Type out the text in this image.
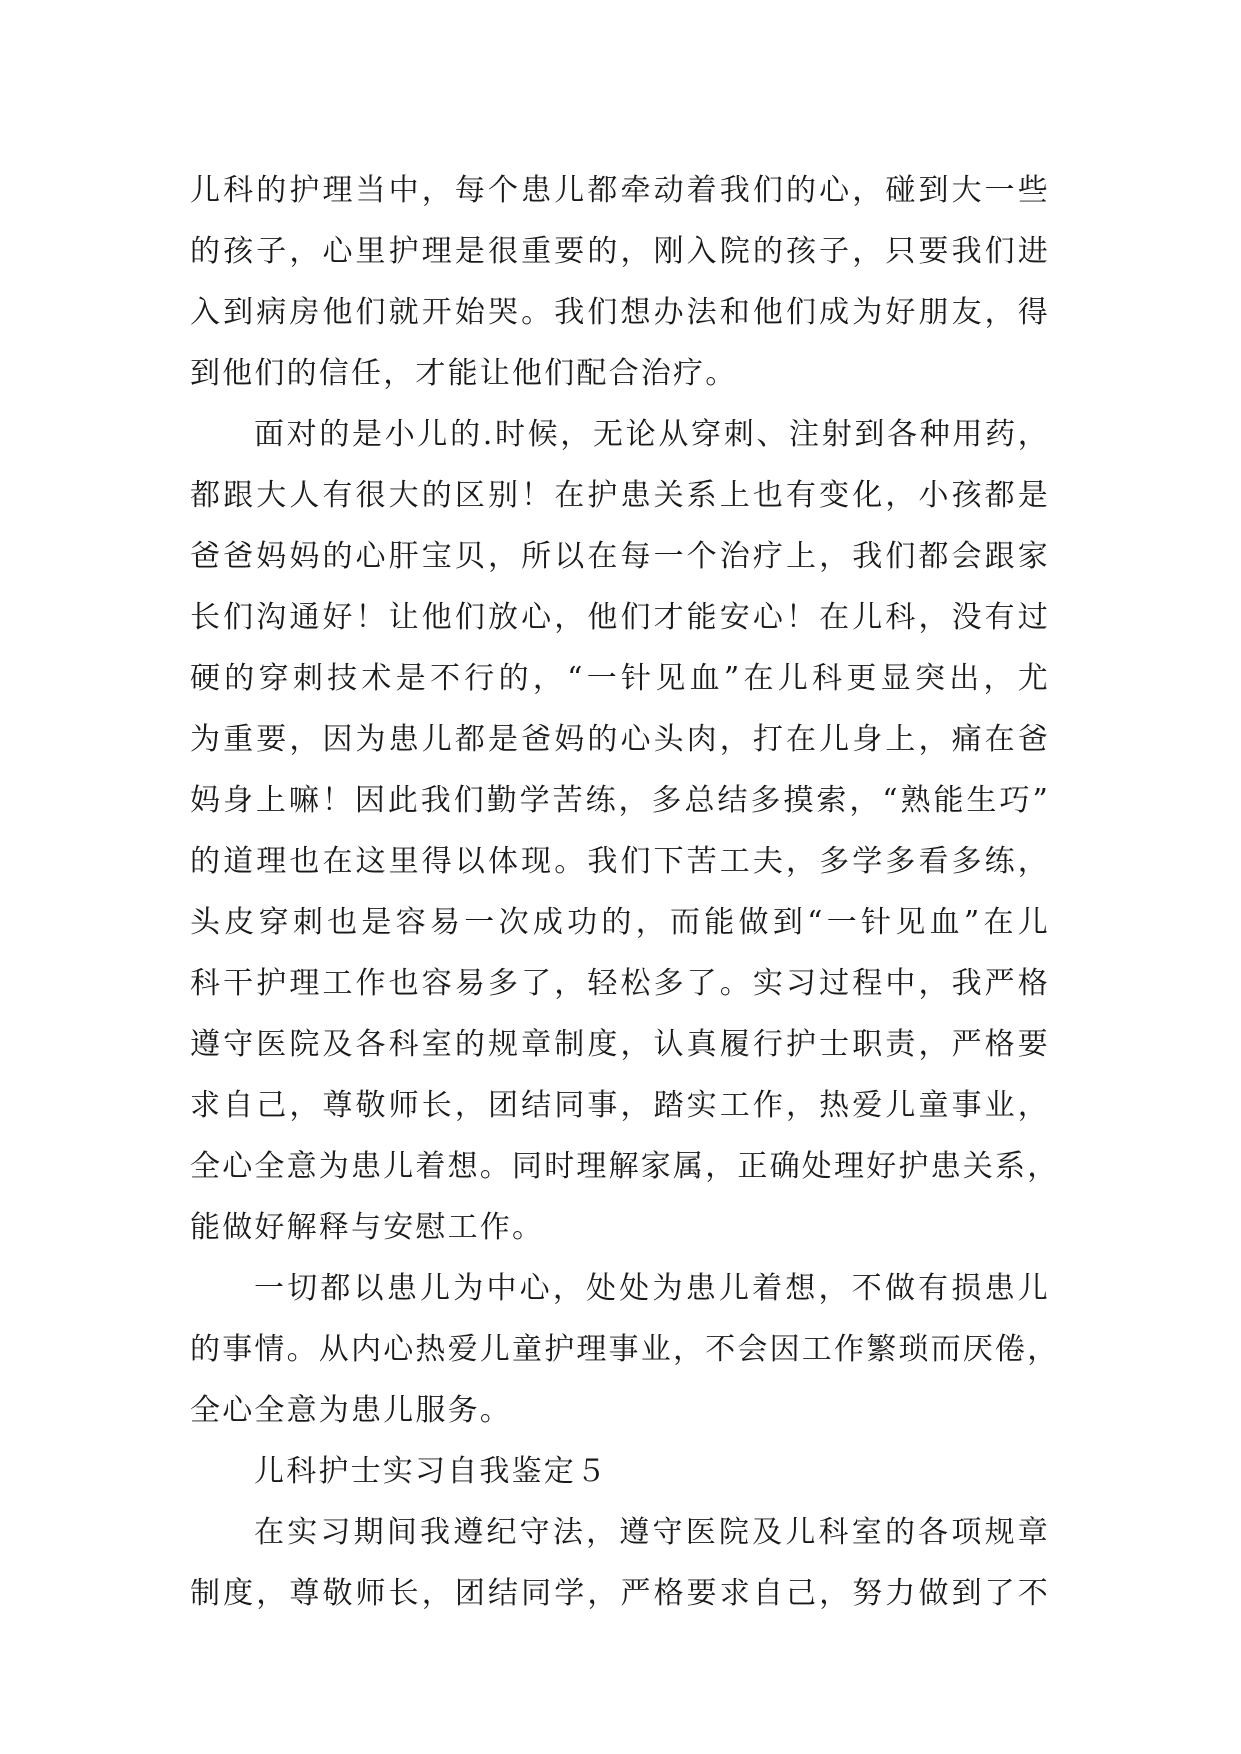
儿科的护理当中，每个患儿都牵动着我们的心，碰到大一些
的孩子，心里护理是很重要的，刚入院的孩子，只要我们进
入到病房他们就开始哭。我们想办法和他们成为好朋友，得
到他们的信任，才能让他们配合治疗。
面对的是小儿的.时候，无论从穿刺、注射到各种用药，
都跟大人有很大的区别！在护患关系上也有变化，小孩都是
爸爸妈妈的心肝宝贝，所以在每一个治疗上，我们都会跟家
长们沟通好！让他们放心，他们才能安心！在儿科，没有过
硬的穿刺技术是不行的，“一针见血”在儿科更显突出，尤
为重要，因为患儿都是爸妈的心头肉，打在儿身上，痛在爸
妈身上嘛！因此我们勤学苦练，多总结多摸索，“熟能生巧”
的道理也在这里得以体现。我们下苦工夫，多学多看多练，
头皮穿刺也是容易一次成功的，而能做到“一针见血”在儿
科干护理工作也容易多了，轻松多了。实习过程中，我严格
遵守医院及各科室的规章制度，认真履行护士职责，严格要
求自己，尊敬师长，团结同事，踏实工作，热爱儿童事业，
全心全意为患儿着想。同时理解家属，正确处理好护患关系，
能做好解释与安慰工作。
一切都以患儿为中心，处处为患儿着想，不做有损患儿
的事情。从内心热爱儿童护理事业，不会因工作繁琐而厌倦，
全心全意为患儿服务。
儿科护士实习自我鉴定５
在实习期间我遵纪守法，遵守医院及儿科室的各项规章
制度，尊敬师长，团结同学，严格要求自己，努力做到了不
